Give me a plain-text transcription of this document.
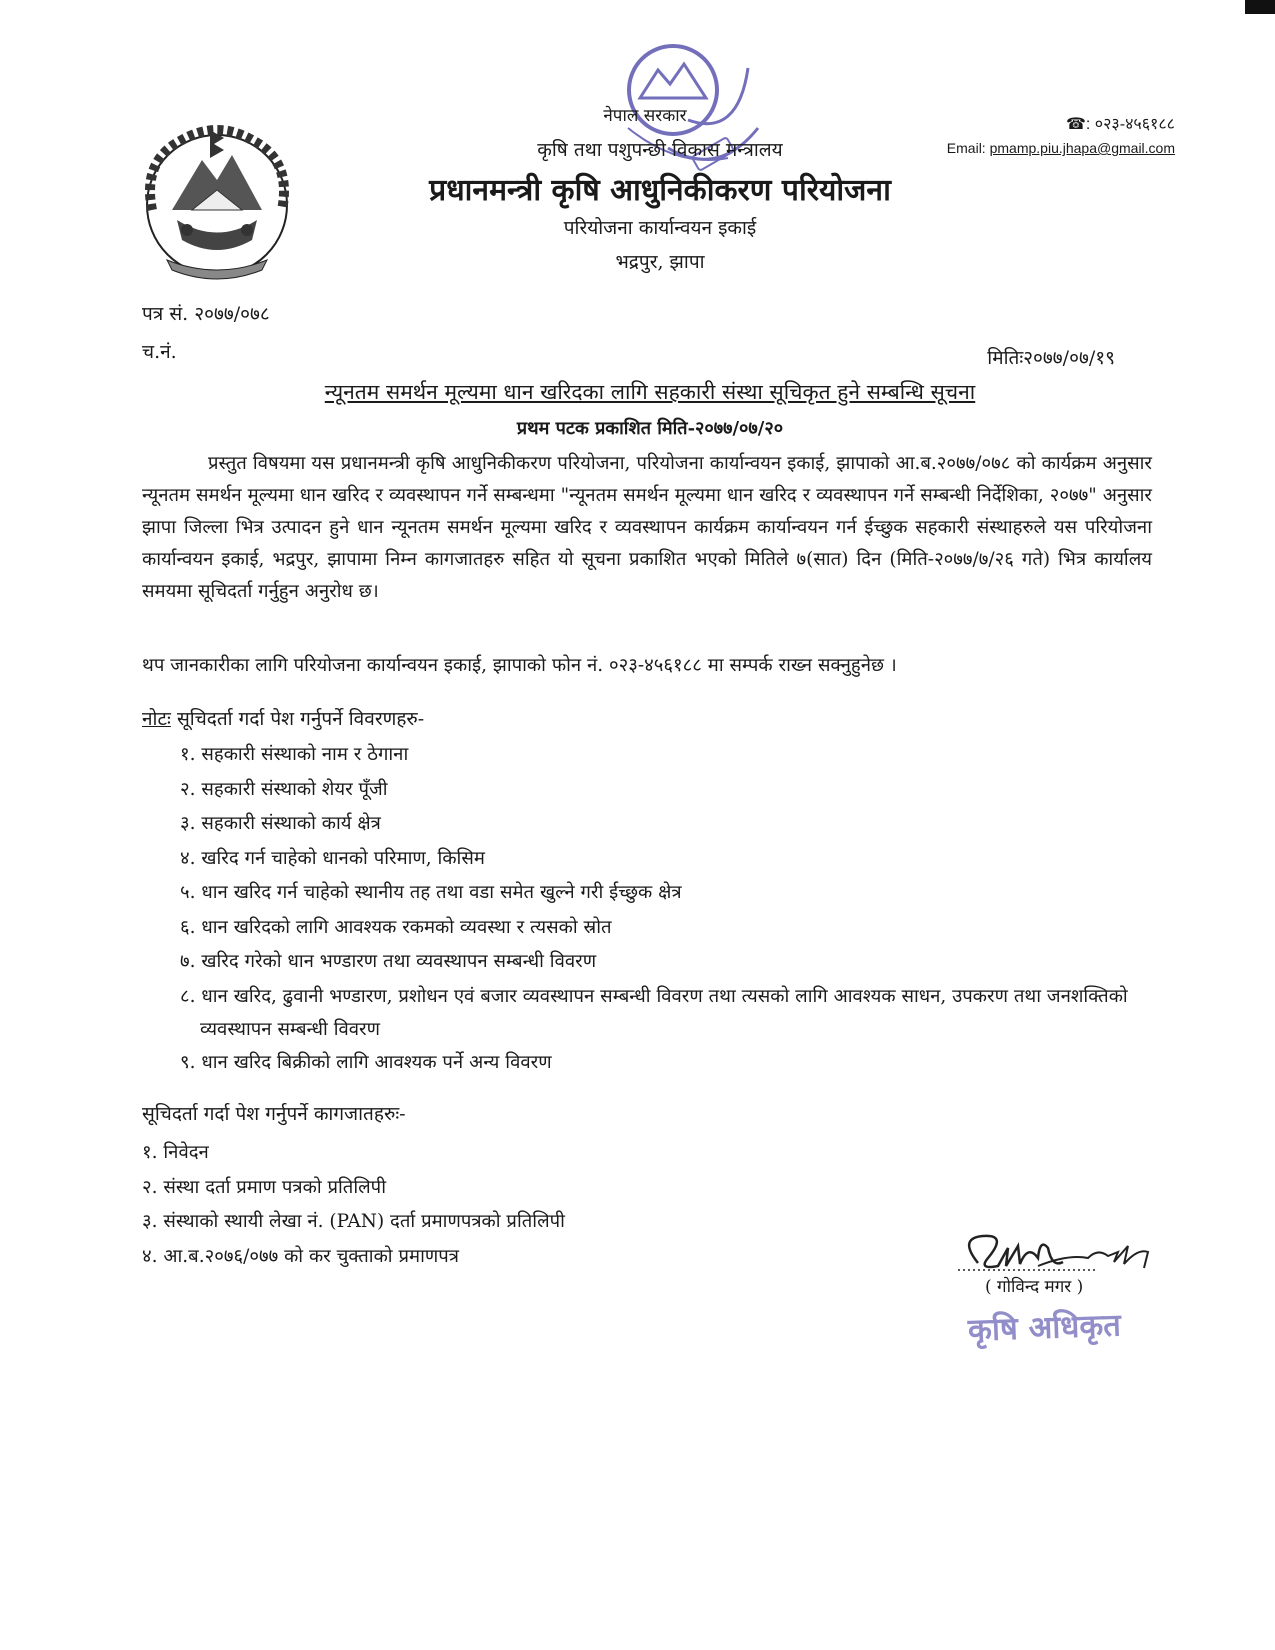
नेपाल सरकार
कृषि तथा पशुपन्छी विकास मन्त्रालय
प्रधानमन्त्री कृषि आधुनिकीकरण परियोजना
परियोजना कार्यान्वयन इकाई
भद्रपुर, झापा
☎: ०२३-४५६१८८
Email: pmamp.piu.jhapa@gmail.com
पत्र सं. २०७७/०७८
च.नं.	मितिः२०७७/०७/१९
न्यूनतम समर्थन मूल्यमा धान खरिदका लागि सहकारी संस्था सूचिकृत हुने सम्बन्धि सूचना
प्रथम पटक प्रकाशित मिति-२०७७/०७/२०

प्रस्तुत विषयमा यस प्रधानमन्त्री कृषि आधुनिकीकरण परियोजना, परियोजना कार्यान्वयन इकाई, झापाको आ.ब.२०७७/०७८ को कार्यक्रम अनुसार न्यूनतम समर्थन मूल्यमा धान खरिद र व्यवस्थापन गर्ने सम्बन्धमा "न्यूनतम समर्थन मूल्यमा धान खरिद र व्यवस्थापन गर्ने सम्बन्धी निर्देशिका, २०७७" अनुसार झापा जिल्ला भित्र उत्पादन हुने धान न्यूनतम समर्थन मूल्यमा खरिद र व्यवस्थापन कार्यक्रम कार्यान्वयन गर्न ईच्छुक सहकारी संस्थाहरुले यस परियोजना कार्यान्वयन इकाई, भद्रपुर, झापामा निम्न कागजातहरु सहित यो सूचना प्रकाशित भएको मितिले ७(सात) दिन (मिति-२०७७/७/२६ गते) भित्र कार्यालय समयमा सूचिदर्ता गर्नुहुन अनुरोध छ।

थप जानकारीका लागि परियोजना कार्यान्वयन इकाई, झापाको फोन नं. ०२३-४५६१८८ मा सम्पर्क राख्न सक्नुहुनेछ ।
नोटः सूचिदर्ता गर्दा पेश गर्नुपर्ने विवरणहरु-
१. सहकारी संस्थाको नाम र ठेगाना
२. सहकारी संस्थाको शेयर पूँजी
३. सहकारी संस्थाको कार्य क्षेत्र
४. खरिद गर्न चाहेको धानको परिमाण, किसिम
५. धान खरिद गर्न चाहेको स्थानीय तह तथा वडा समेत खुल्ने गरी ईच्छुक क्षेत्र
६. धान खरिदको लागि आवश्यक रकमको व्यवस्था र त्यसको स्रोत
७. खरिद गरेको धान भण्डारण तथा व्यवस्थापन सम्बन्धी विवरण
८. धान खरिद, ढुवानी भण्डारण, प्रशोधन एवं बजार व्यवस्थापन सम्बन्धी विवरण तथा त्यसको लागि आवश्यक साधन, उपकरण तथा जनशक्तिको व्यवस्थापन सम्बन्धी विवरण
९. धान खरिद बिक्रीको लागि आवश्यक पर्ने अन्य विवरण
सूचिदर्ता गर्दा पेश गर्नुपर्ने कागजातहरुः-
१. निवेदन
२. संस्था दर्ता प्रमाण पत्रको प्रतिलिपी
३. संस्थाको स्थायी लेखा नं. (PAN) दर्ता प्रमाणपत्रको प्रतिलिपी
४. आ.ब.२०७६/०७७ को कर चुक्ताको प्रमाणपत्र
( गोविन्द मगर )
कृषि अधिकृत
